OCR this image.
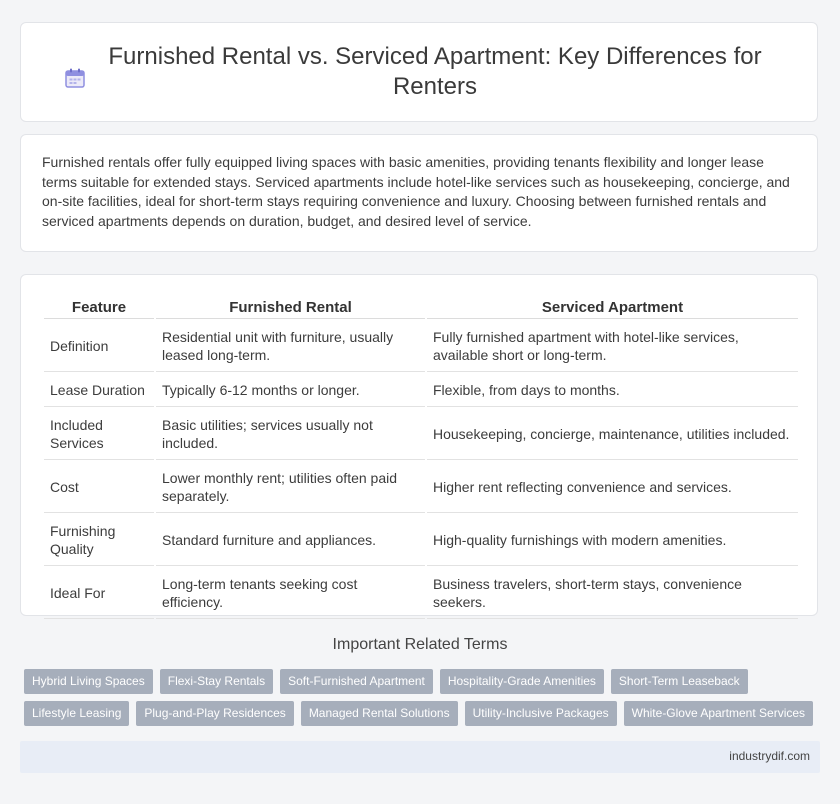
Furnished Rental vs. Serviced Apartment: Key Differences for Renters

Furnished rentals offer fully equipped living spaces with basic amenities, providing tenants flexibility and longer lease terms suitable for extended stays. Serviced apartments include hotel-like services such as housekeeping, concierge, and on-site facilities, ideal for short-term stays requiring convenience and luxury. Choosing between furnished rentals and serviced apartments depends on duration, budget, and desired level of service.

Feature	Furnished Rental	Serviced Apartment
Definition	Residential unit with furniture, usually leased long-term.	Fully furnished apartment with hotel-like services, available short or long-term.
Lease Duration	Typically 6-12 months or longer.	Flexible, from days to months.
Included Services	Basic utilities; services usually not included.	Housekeeping, concierge, maintenance, utilities included.
Cost	Lower monthly rent; utilities often paid separately.	Higher rent reflecting convenience and services.
Furnishing Quality	Standard furniture and appliances.	High-quality furnishings with modern amenities.
Ideal For	Long-term tenants seeking cost efficiency.	Business travelers, short-term stays, convenience seekers.
Important Related Terms
Hybrid Living Spaces	Flexi-Stay Rentals	Soft-Furnished Apartment	Hospitality-Grade Amenities	Short-Term Leaseback
Lifestyle Leasing	Plug-and-Play Residences	Managed Rental Solutions	Utility-Inclusive Packages	White-Glove Apartment Services
industrydif.com
